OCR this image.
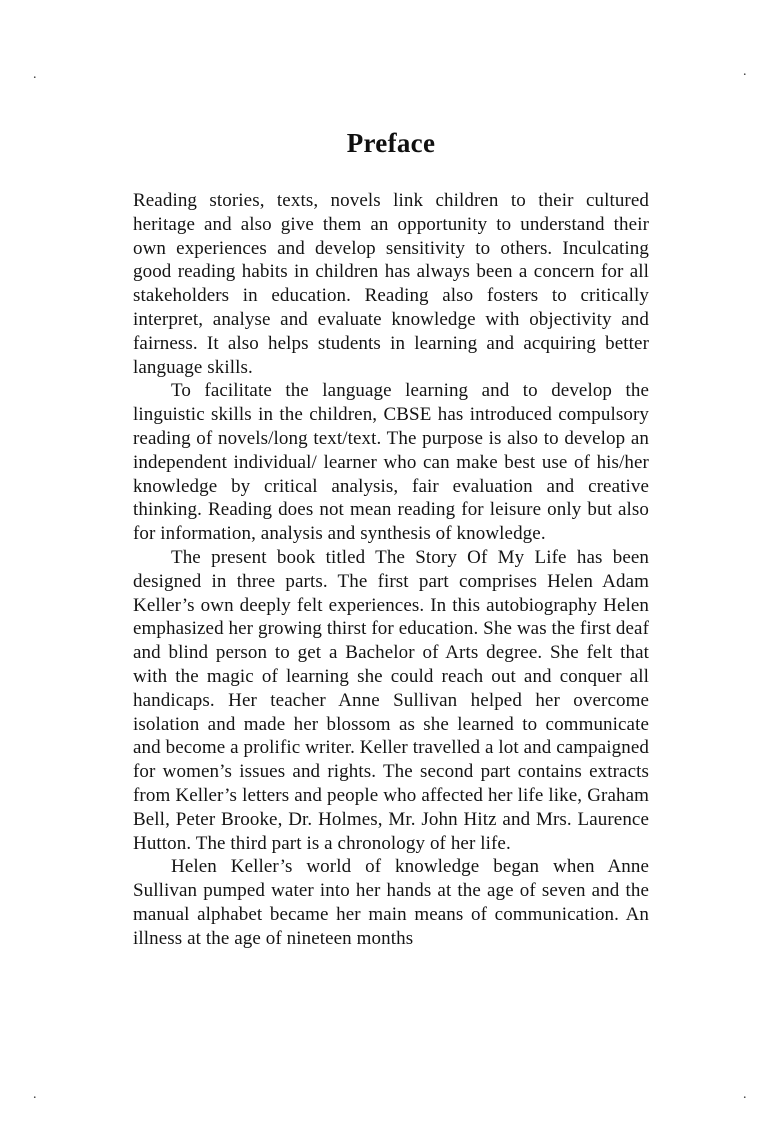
.	.
.	.
Preface

Reading stories, texts, novels link children to their cultured heritage and also give them an opportunity to understand their own experiences and develop sensitivity to others. Inculcating good reading habits in children has always been a concern for all stakeholders in education. Reading also fosters to critically interpret, analyse and evaluate knowledge with objectivity and fairness. It also helps students in learning and acquiring better language skills.

To facilitate the language learning and to develop the linguistic skills in the children, CBSE has introduced compulsory reading of novels/long text/text. The purpose is also to develop an independent individual/ learner who can make best use of his/her knowledge by critical analysis, fair evaluation and creative thinking. Reading does not mean reading for leisure only but also for information, analysis and synthesis of knowledge.

The present book titled The Story Of My Life has been designed in three parts. The first part comprises Helen Adam Keller’s own deeply felt experiences. In this autobiography Helen emphasized her growing thirst for education. She was the first deaf and blind person to get a Bachelor of Arts degree. She felt that with the magic of learning she could reach out and conquer all handicaps. Her teacher Anne Sullivan helped her overcome isolation and made her blossom as she learned to communicate and become a prolific writer. Keller travelled a lot and campaigned for women’s issues and rights. The second part contains extracts from Keller’s letters and people who affected her life like, Graham Bell, Peter Brooke, Dr. Holmes, Mr. John Hitz and Mrs. Laurence Hutton. The third part is a chronology of her life.

Helen Keller’s world of knowledge began when Anne Sullivan pumped water into her hands at the age of seven and the manual alphabet became her main means of communication. An illness at the age of nineteen months
